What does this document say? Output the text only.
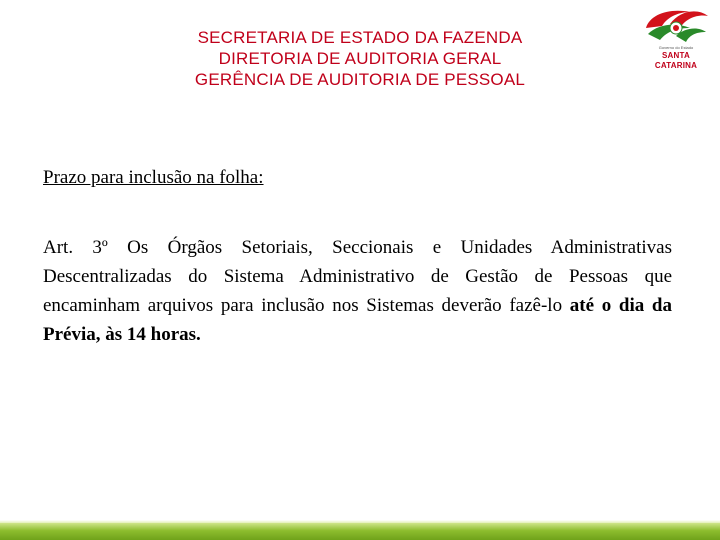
SECRETARIA DE ESTADO DA FAZENDA
DIRETORIA DE AUDITORIA GERAL
GERÊNCIA DE AUDITORIA DE PESSOAL
Governo do Estado
SANTA CATARINA
Prazo para inclusão na folha:
Art. 3º Os Órgãos Setoriais, Seccionais e Unidades Administrativas Descentralizadas do Sistema Administrativo de Gestão de Pessoas que encaminham arquivos para inclusão nos Sistemas deverão fazê-lo até o dia da Prévia, às 14 horas.
